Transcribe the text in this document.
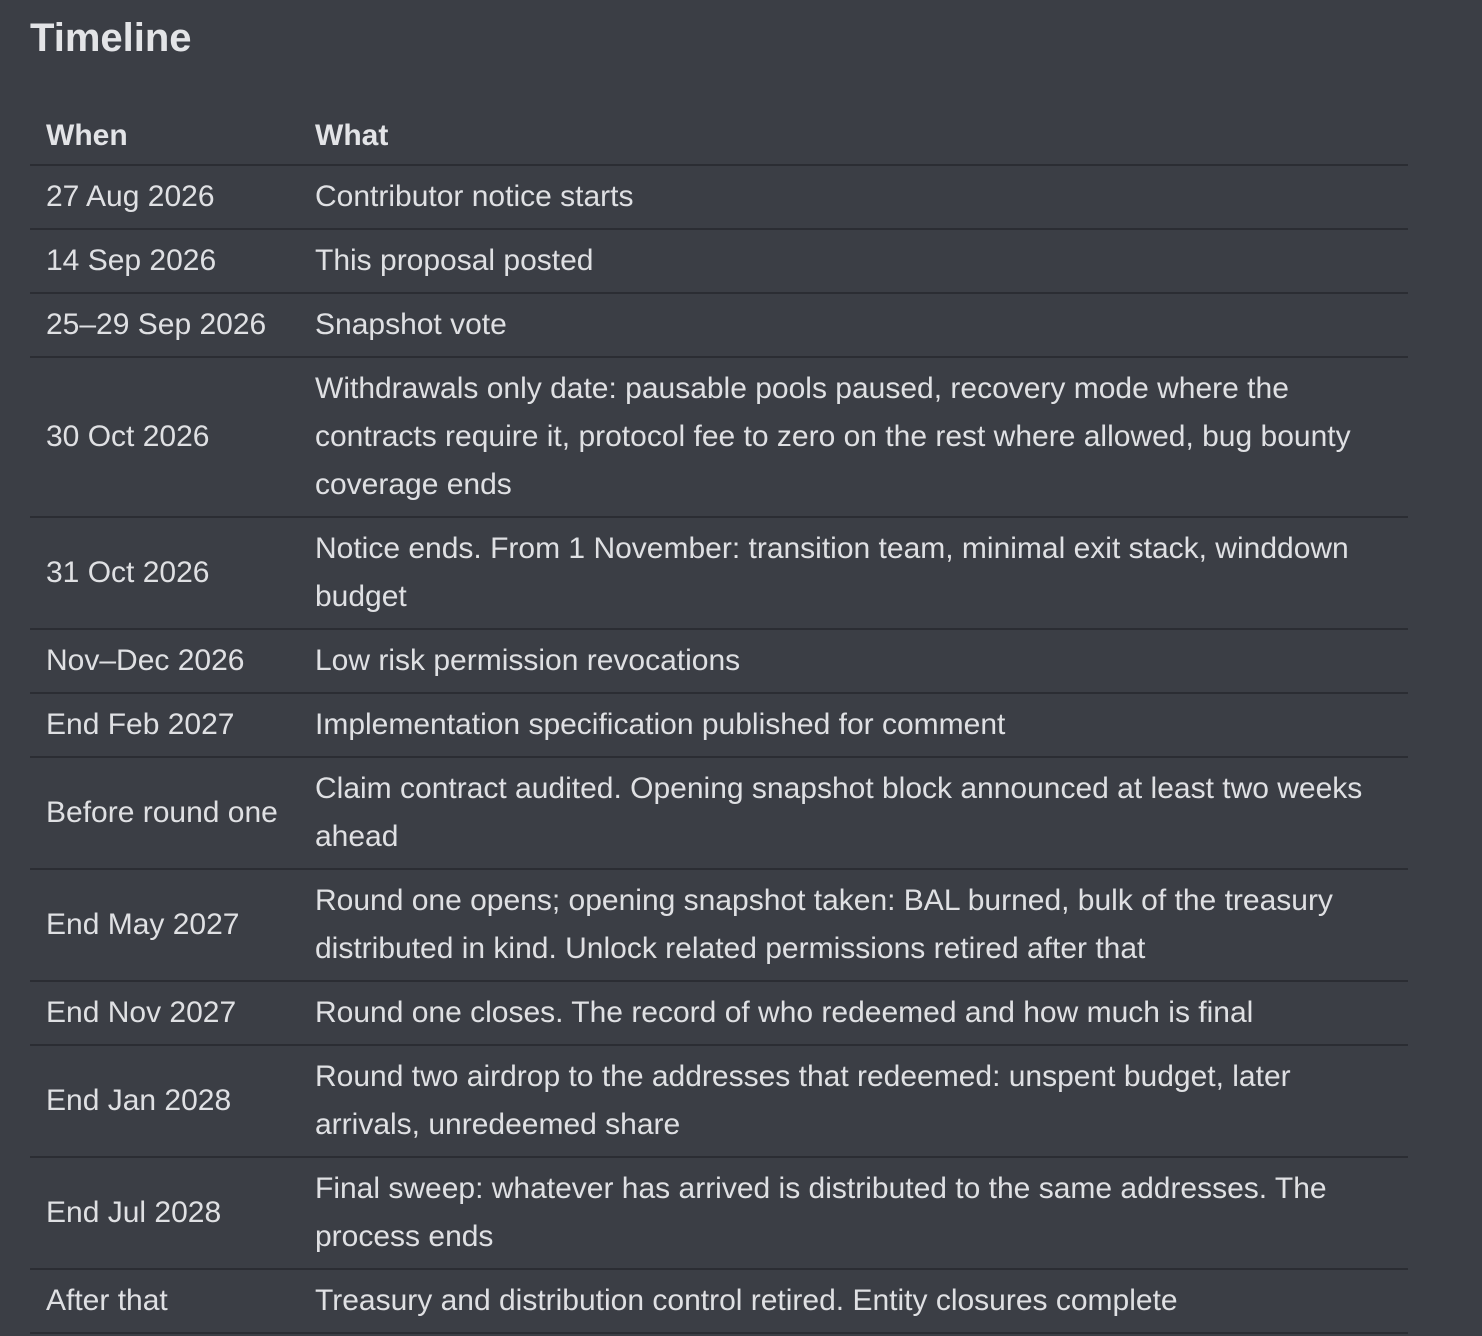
Timeline
When	What
27 Aug 2026	Contributor notice starts
14 Sep 2026	This proposal posted
25–29 Sep 2026	Snapshot vote
30 Oct 2026	Withdrawals only date: pausable pools paused, recovery mode where the contracts require it, protocol fee to zero on the rest where allowed, bug bounty coverage ends
31 Oct 2026	Notice ends. From 1 November: transition team, minimal exit stack, winddown budget
Nov–Dec 2026	Low risk permission revocations
End Feb 2027	Implementation specification published for comment
Before round one	Claim contract audited. Opening snapshot block announced at least two weeks ahead
End May 2027	Round one opens; opening snapshot taken: BAL burned, bulk of the treasury distributed in kind. Unlock related permissions retired after that
End Nov 2027	Round one closes. The record of who redeemed and how much is final
End Jan 2028	Round two airdrop to the addresses that redeemed: unspent budget, later arrivals, unredeemed share
End Jul 2028	Final sweep: whatever has arrived is distributed to the same addresses. The process ends
After that	Treasury and distribution control retired. Entity closures complete
